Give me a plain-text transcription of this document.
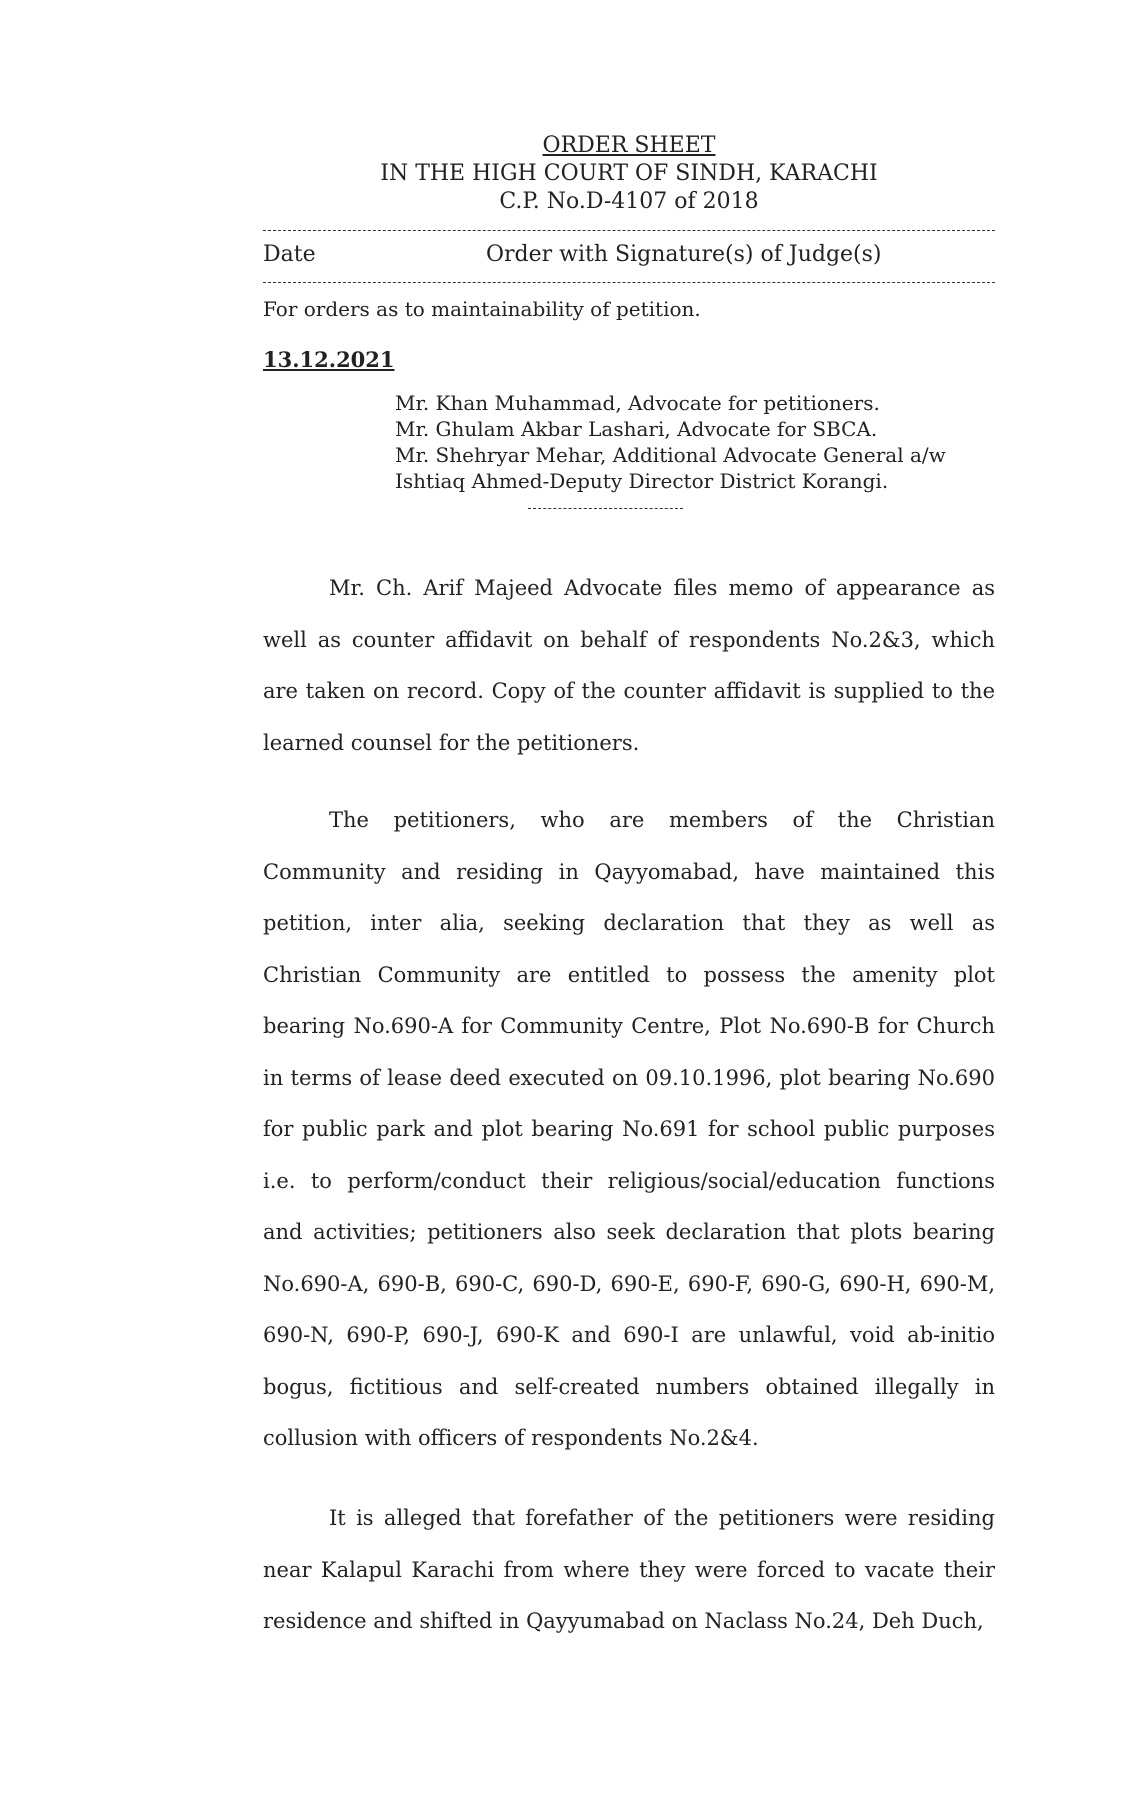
ORDER SHEET
IN THE HIGH COURT OF SINDH, KARACHI
C.P. No.D-4107 of 2018
Date	Order with Signature(s) of Judge(s)
For orders as to maintainability of petition.
13.12.2021
Mr. Khan Muhammad, Advocate for petitioners.
Mr. Ghulam Akbar Lashari, Advocate for SBCA.
Mr. Shehryar Mehar, Additional Advocate General a/w
Ishtiaq Ahmed-Deputy Director District Korangi.

Mr. Ch. Arif Majeed Advocate files memo of appearance as well as counter affidavit on behalf of respondents No.2&3, which are taken on record. Copy of the counter affidavit is supplied to the learned counsel for the petitioners.

The petitioners, who are members of the Christian Community and residing in Qayyomabad, have maintained this petition, inter alia, seeking declaration that they as well as Christian Community are entitled to possess the amenity plot bearing No.690-A for Community Centre, Plot No.690-B for Church in terms of lease deed executed on 09.10.1996, plot bearing No.690 for public park and plot bearing No.691 for school public purposes i.e. to perform/conduct their religious/social/education functions and activities; petitioners also seek declaration that plots bearing No.690-A, 690-B, 690-C, 690-D, 690-E, 690-F, 690-G, 690-H, 690-M, 690-N, 690-P, 690-J, 690-K and 690-I are unlawful, void ab-initio bogus, fictitious and self-created numbers obtained illegally in collusion with officers of respondents No.2&4.

It is alleged that forefather of the petitioners were residing near Kalapul Karachi from where they were forced to vacate their residence and shifted in Qayyumabad on Naclass No.24, Deh Duch,
